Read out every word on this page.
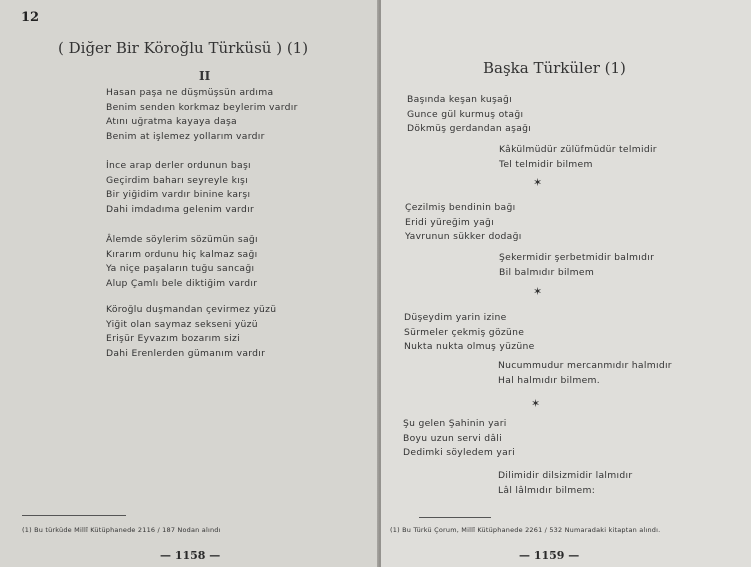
12
( Diğer Bir Köroğlu Türküsü ) (1)
II
Hasan paşa ne düşmüşsün ardıma
Benim senden korkmaz beylerim vardır
Atını uğratma kayaya daşa
Benim at işlemez yollarım vardır
İnce arap derler ordunun başı
Geçirdim baharı seyreyle kışı
Bir yiğidim vardır binine karşı
Dahi imdadıma gelenim vardır
Âlemde söylerim sözümün sağı
Kırarım ordunu hiç kalmaz sağı
Ya niçe paşaların tuğu sancağı
Alup Çamlı bele diktiğim vardır
Köroğlu duşmandan çevirmez yüzü
Yiğit olan saymaz sekseni yüzü
Erişür Eyvazım bozarım sizi
Dahi Erenlerden gümanım vardır
(1) Bu türküde Millî Kütüphanede 2116 / 187 Nodan alındı
— 1158 —
Başka Türküler (1)
Başında keşan kuşağı
Gunce gül kurmuş otağı
Dökmüş gerdandan aşağı
Kâkülmüdür zülüfmüdür telmidir
Tel telmidir bilmem
✶
Çezilmiş bendinin bağı
Eridi yüreğim yağı
Yavrunun sükker dodağı
Şekermidir şerbetmidir balmıdır
Bil balmıdır bilmem
✶
Düşeydim yarin izine
Sürmeler çekmiş gözüne
Nukta nukta olmuş yüzüne
Nucummudur mercanmıdır halmıdır
Hal halmıdır bilmem.
✶
Şu gelen Şahinin yari
Boyu uzun servi dâli
Dedimki söyledem yari
Dilimidir dilsizmidir lalmıdır
Lâl lâlmıdır bilmem:
(1) Bu Türkü Çorum, Millî Kütüphanede 2261 / 532 Numaradaki kitaptan alındı.
— 1159 —
